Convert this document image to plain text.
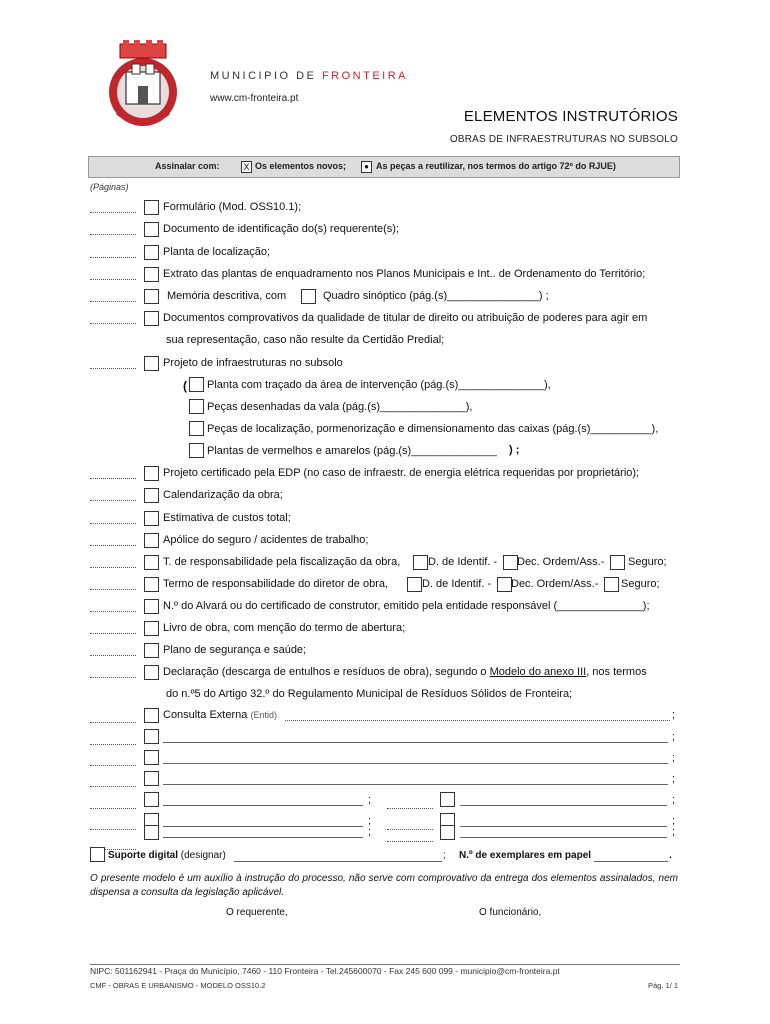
MUNICIPIO DE FRONTEIRA
www.cm-fronteira.pt
ELEMENTOS INSTRUTÓRIOS
OBRAS DE INFRAESTRUTURAS NO SUBSOLO
Assinalar com:	X Os elementos novos;	● As peças a reutilizar, nos termos do artigo 72º do RJUE)
(Páginas)
Formulário (Mod. OSS10.1);
Documento de identificação do(s) requerente(s);
Planta de localização;
Extrato das plantas de enquadramento nos Planos Municipais e Int.. de Ordenamento do Território;
Memória descritiva, com	Quadro sinóptico (pág.(s)_______________) ;
Documentos comprovativos da qualidade de titular de direito ou atribuição de poderes para agir em
sua representação, caso não resulte da Certidão Predial;
Projeto de infraestruturas no subsolo
( Planta com traçado da área de intervenção (pág.(s)______________),
Peças desenhadas da vala (pág.(s)______________),
Peças de localização, pormenorização e dimensionamento das caixas (pág.(s)__________),
Plantas de vermelhos e amarelos (pág.(s)______________ ) ;
Projeto certificado pela EDP (no caso de infraestr. de energia elétrica requeridas por proprietário);
Calendarização da obra;
Estimativa de custos total;
Apólice do seguro / acidentes de trabalho;
T. de responsabilidade pela fiscalização da obra,	D. de Identif. - Dec. Ordem/Ass.- Seguro;
Termo de responsabilidade do diretor de obra,	D. de Identif. - Dec. Ordem/Ass.- Seguro;
N.º do Alvará ou do certificado de construtor, emitido pela entidade responsável (______________);
Livro de obra, com menção do termo de abertura;
Plano de segurança e saúde;
Declaração (descarga de entulhos e resíduos de obra), segundo o Modelo do anexo III, nos termos
do n.º5 do Artigo 32.º do Regulamento Municipal de Resíduos Sólidos de Fronteira;
Consulta Externa (Entid)	;
;
;
;
;	;
;	;
;	;
Suporte digital (designar)	; N.º de exemplares em papel	.
O presente modelo é um auxílio à instrução do processo, não serve com comprovativo da entrega dos elementos assinalados, nem dispensa a consulta da legislação aplicável.
O requerente,	O funcionário,
NIPC: 501162941 - Praça do Município, 7460 - 110 Fronteira - Tel.245600070 - Fax 245 600 099 - municipio@cm-fronteira.pt
CMF - OBRAS E URBANISMO - MODELO OSS10.2	Pág. 1/ 1
